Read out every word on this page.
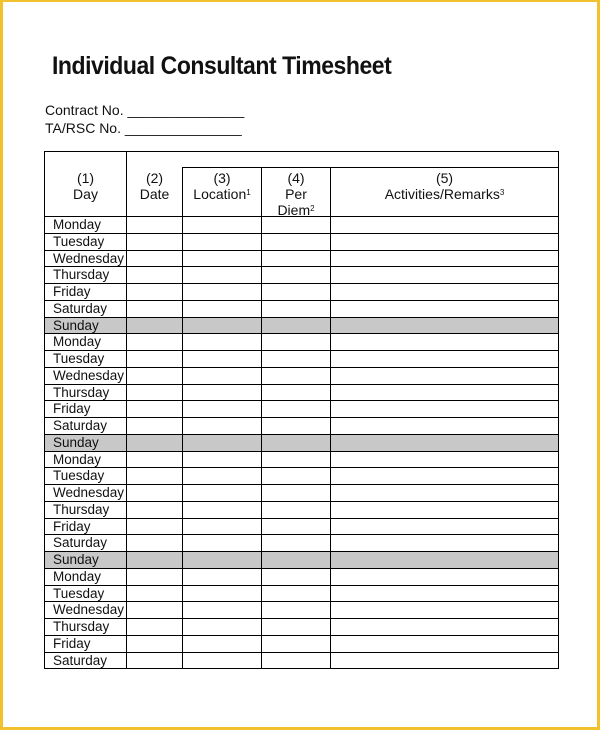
Individual Consultant Timesheet
Contract No. _______________
TA/RSC No. _______________
(1)
Day
(2)
Date
(3)
Location$^1$
(4)
Per
Diem$^2$
(5)
Activities/Remarks$^3$
Monday
Tuesday
Wednesday
Thursday
Friday
Saturday
Sunday
Monday
Tuesday
Wednesday
Thursday
Friday
Saturday
Sunday
Monday
Tuesday
Wednesday
Thursday
Friday
Saturday
Sunday
Monday
Tuesday
Wednesday
Thursday
Friday
Saturday
